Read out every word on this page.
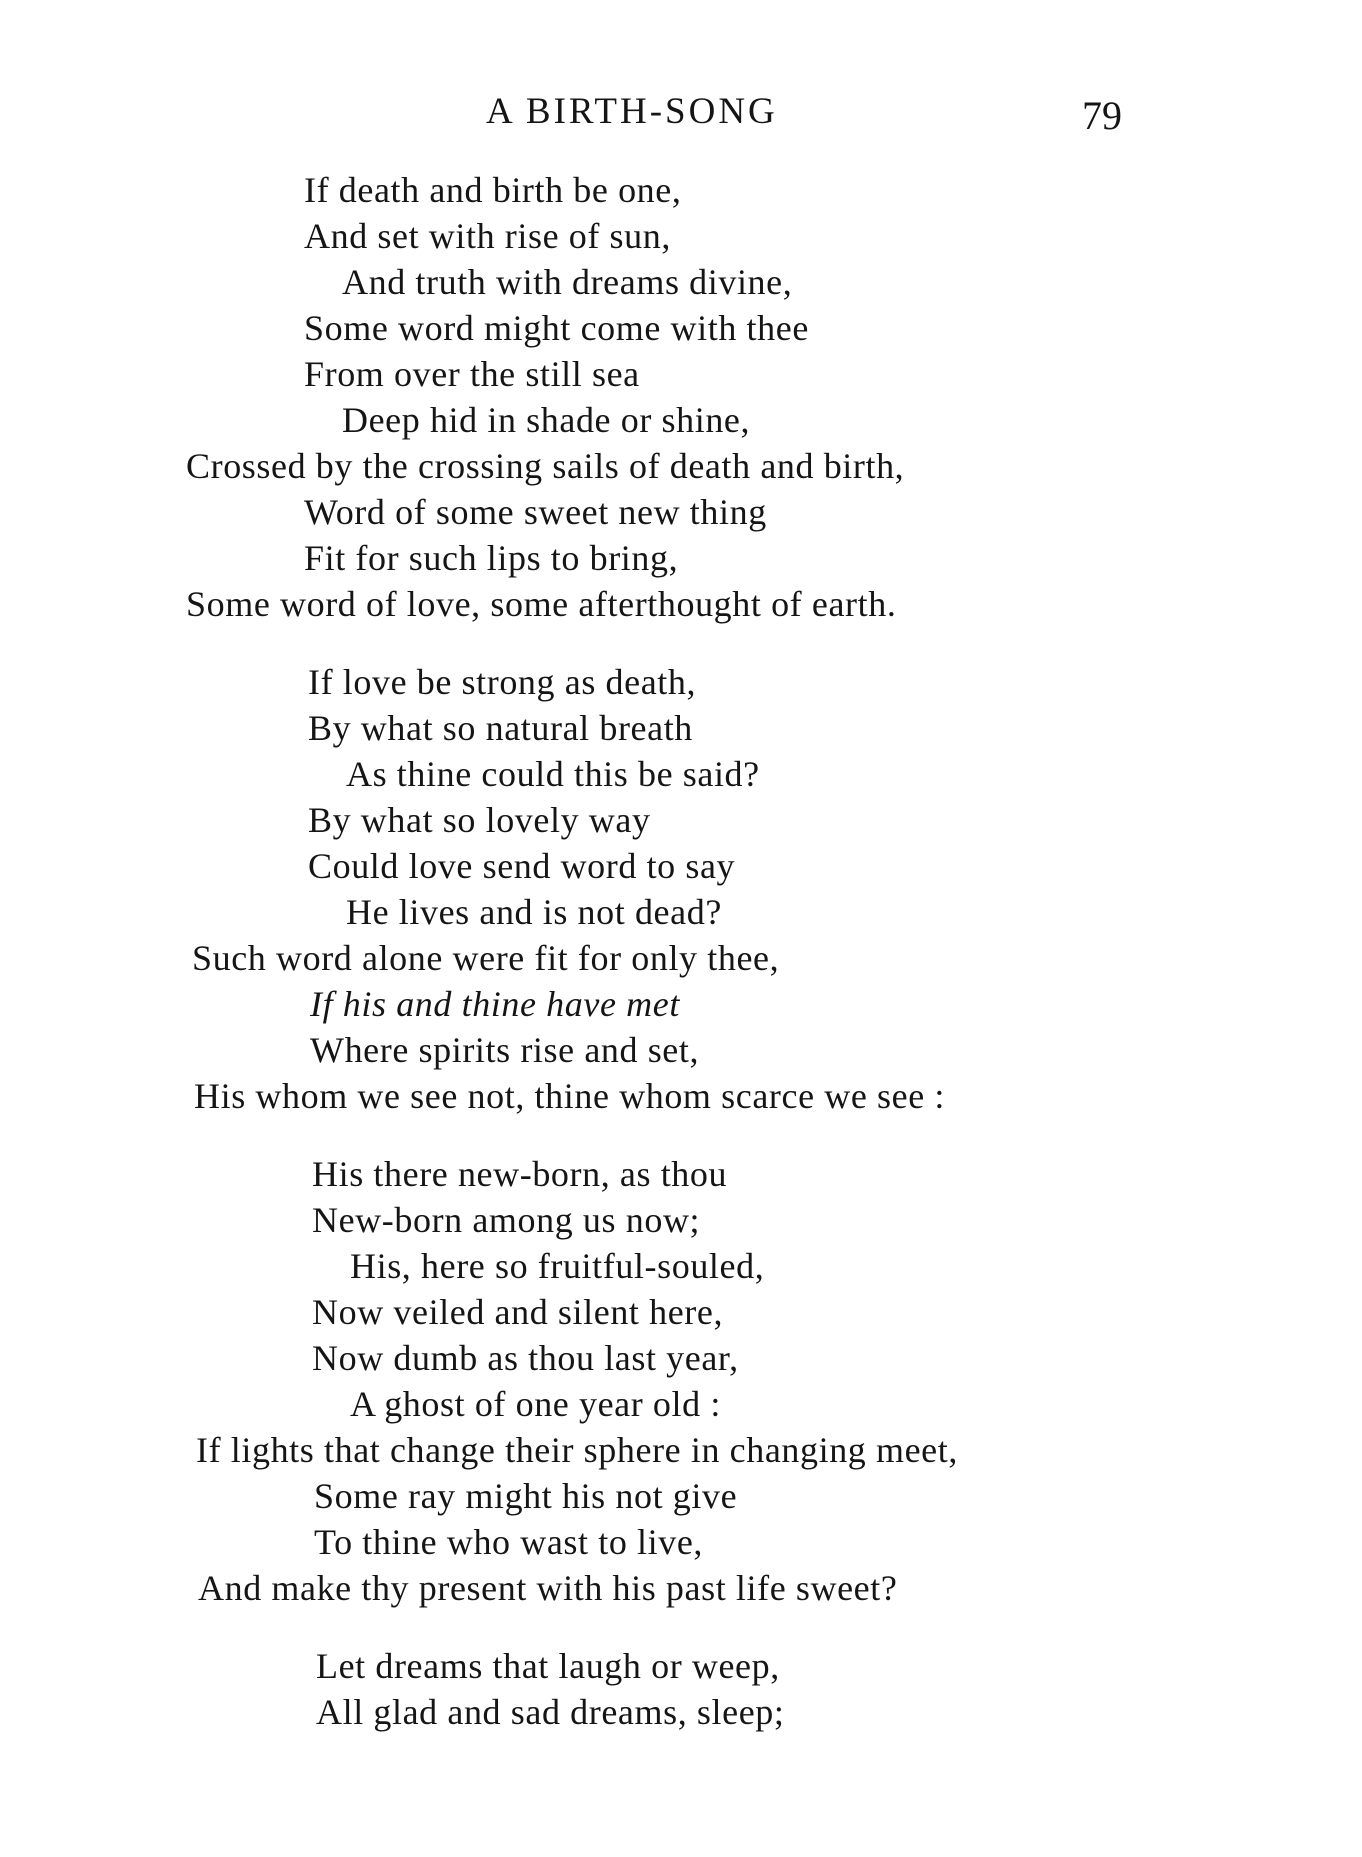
A BIRTH-SONG	79
If death and birth be one,
And set with rise of sun,
And truth with dreams divine,
Some word might come with thee
From over the still sea
Deep hid in shade or shine,
Crossed by the crossing sails of death and birth,
Word of some sweet new thing
Fit for such lips to bring,
Some word of love, some afterthought of earth.
If love be strong as death,
By what so natural breath
As thine could this be said?
By what so lovely way
Could love send word to say
He lives and is not dead?
Such word alone were fit for only thee,
If his and thine have met
Where spirits rise and set,
His whom we see not, thine whom scarce we see :
His there new-born, as thou
New-born among us now;
His, here so fruitful-souled,
Now veiled and silent here,
Now dumb as thou last year,
A ghost of one year old :
If lights that change their sphere in changing meet,
Some ray might his not give
To thine who wast to live,
And make thy present with his past life sweet?
Let dreams that laugh or weep,
All glad and sad dreams, sleep;
